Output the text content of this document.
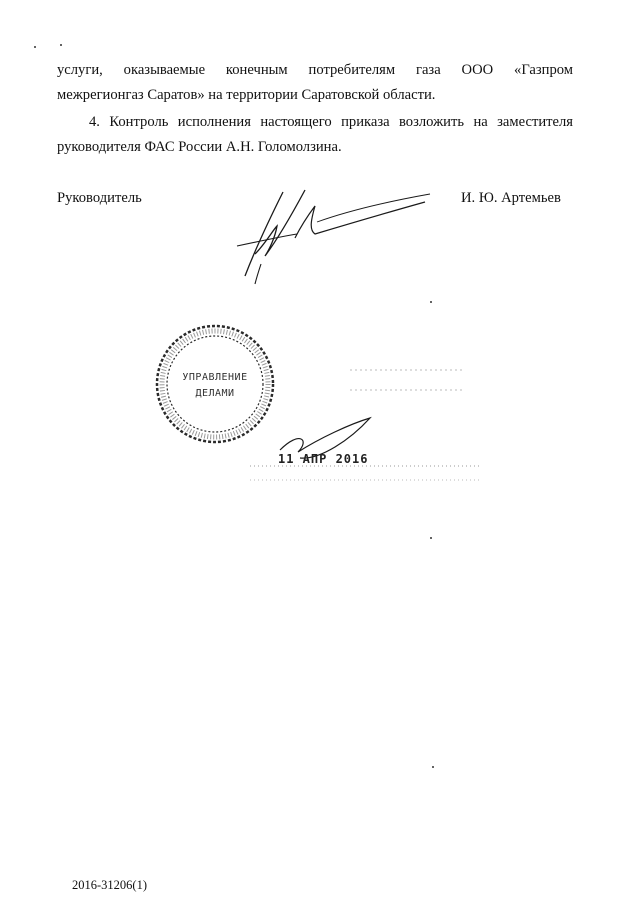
услуги, оказываемые конечным потребителям газа ООО «Газпром
межрегионгаз Саратов» на территории Саратовской области.

4. Контроль исполнения настоящего приказа возложить на заместителя
руководителя ФАС России А.Н. Голомолзина.

Руководитель	И. Ю. Артемьев
УПРАВЛЕНИЕ
ДЕЛАМИ
11 АПР 2016
2016-31206(1)
